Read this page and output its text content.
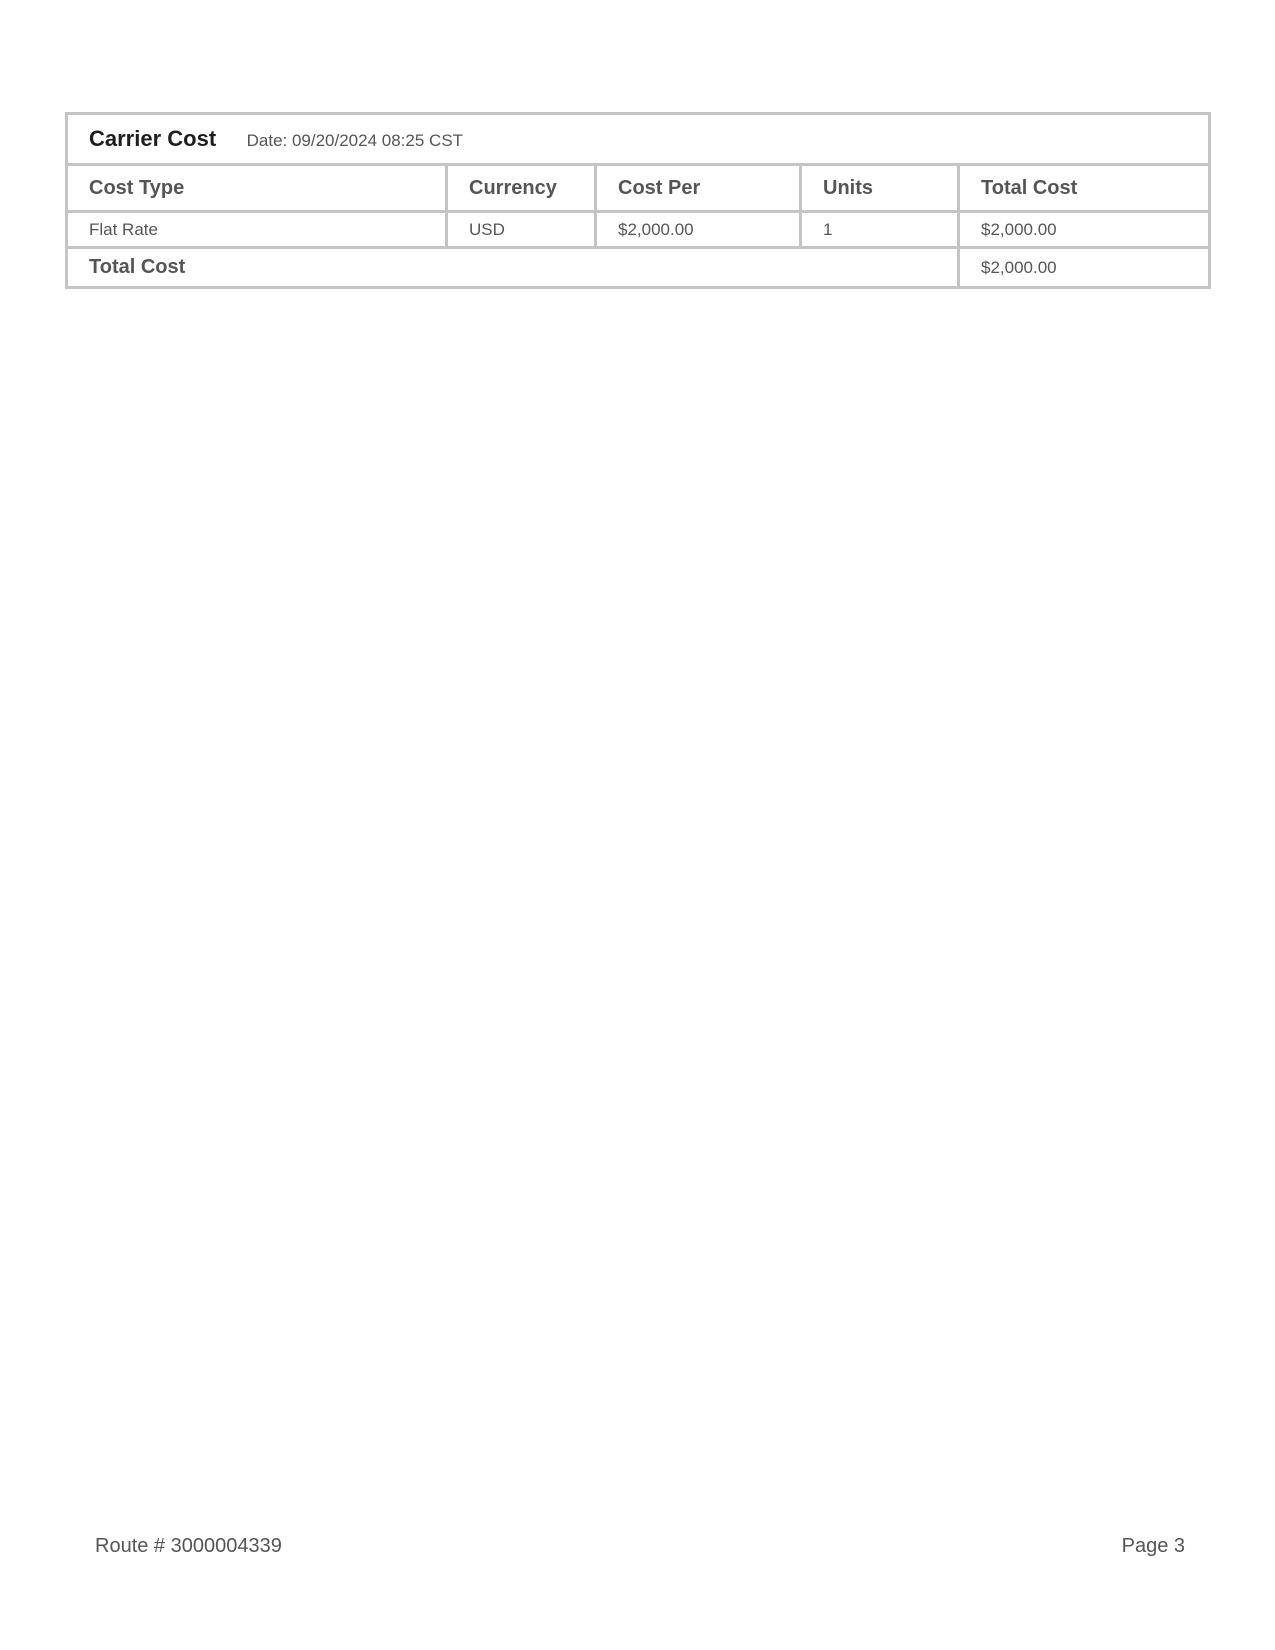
Carrier Cost Date: 09/20/2024 08:25 CST				
Cost Type	Currency	Cost Per	Units	Total Cost
Flat Rate	USD	$2,000.00	1	$2,000.00
Total Cost				$2,000.00
Route # 3000004339	Page 3
